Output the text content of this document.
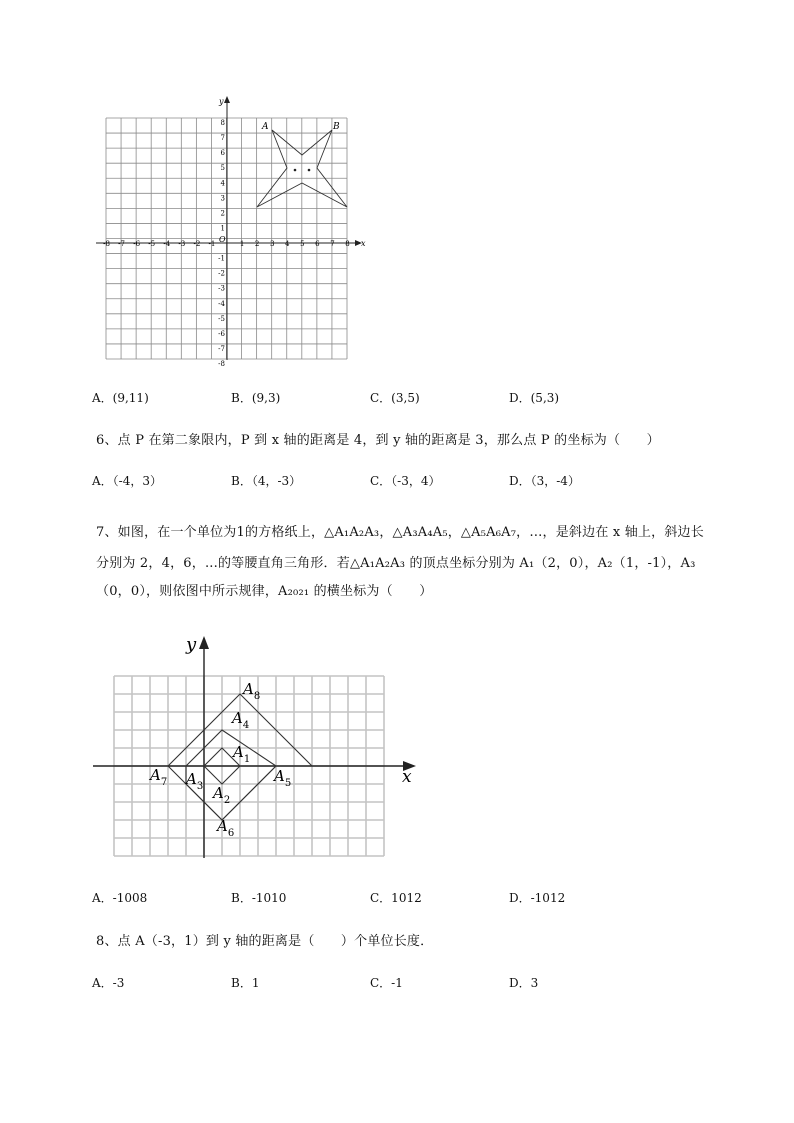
y
x
O
-8 -7 -6 -5 -4 -3 -2 -1	1 2 3 4 5 6 7 8
8
7
6
5
4
3
2
1
-1
-2
-3
-4
-5
-6
-7
-8
A	B
A．(9,11)	B．(9,3)	C．(3,5)	D．(5,3)
6、点 P 在第二象限内，P 到 x 轴的距离是 4，到 y 轴的距离是 3，那么点 P 的坐标为（　　）
A．（-4，3）	B．（4，-3）	C．（-3，4）	D．（3，-4）
7、如图，在一个单位为1的方格纸上，△A₁A₂A₃，△A₃A₄A₅，△A₅A₆A₇，…，是斜边在 x 轴上，斜边长
分别为 2，4，6，...的等腰直角三角形．若△A₁A₂A₃ 的顶点坐标分别为 A₁（2，0），A₂（1，-1），A₃
（0，0），则依图中所示规律，A₂₀₂₁ 的横坐标为（　　）
y
x
$A_8$
$A_4$
$A_1$
$A_7$ $A_3$
$A_5$
$A_2$
$A_6$
A．-1008	B．-1010	C．1012	D．-1012
8、点 A（-3，1）到 y 轴的距离是（　　）个单位长度．
A．-3	B．1	C．-1	D．3
